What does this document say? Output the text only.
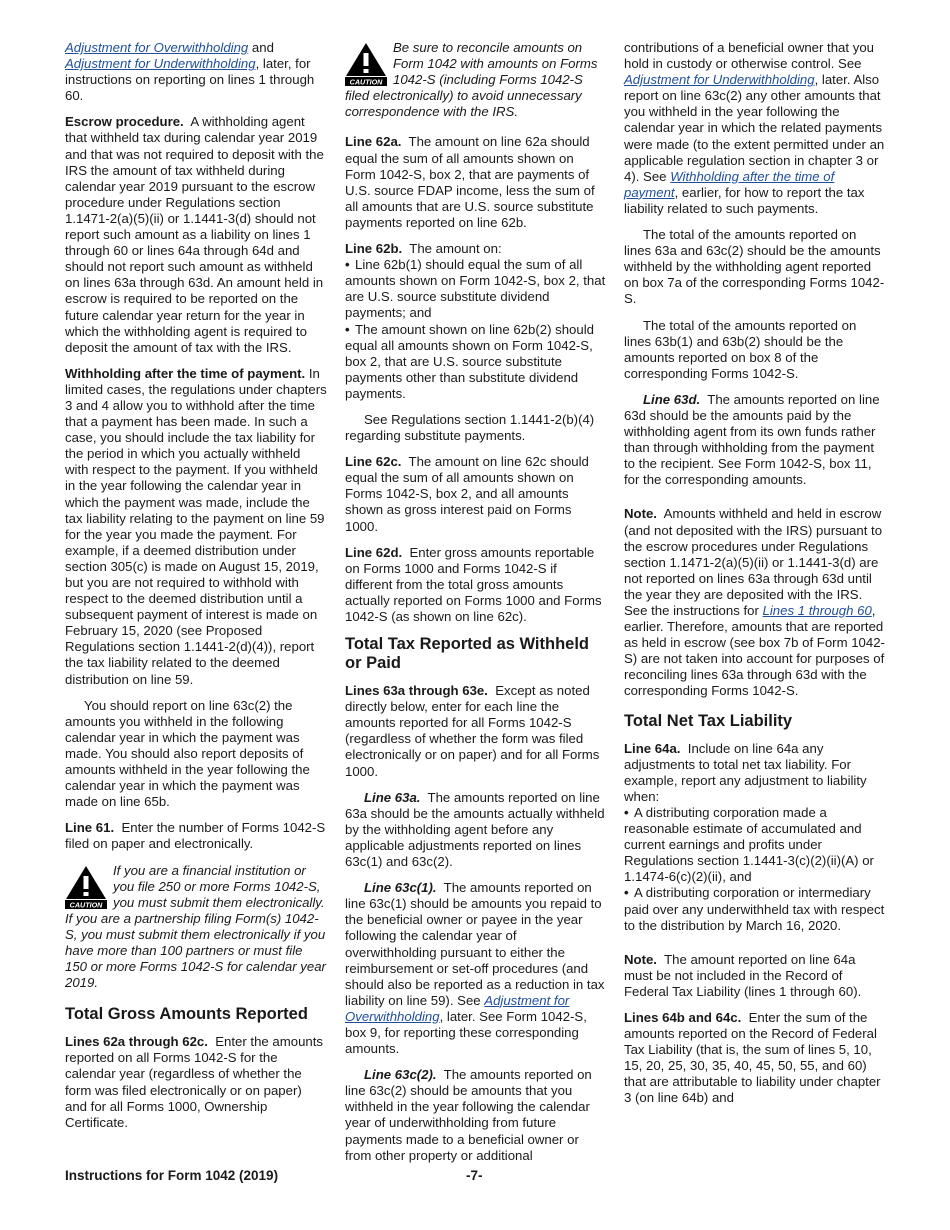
Adjustment for Overwithholding and Adjustment for Underwithholding, later, for instructions on reporting on lines 1 through 60.

Escrow procedure. A withholding agent that withheld tax during calendar year 2019 and that was not required to deposit with the IRS the amount of tax withheld during calendar year 2019 pursuant to the escrow procedure under Regulations section 1.1471-2(a)(5)(ii) or 1.1441-3(d) should not report such amount as a liability on lines 1 through 60 or lines 64a through 64d and should not report such amount as withheld on lines 63a through 63d. An amount held in escrow is required to be reported on the future calendar year return for the year in which the withholding agent is required to deposit the amount of tax with the IRS.

Withholding after the time of payment. In limited cases, the regulations under chapters 3 and 4 allow you to withhold after the time that a payment has been made. In such a case, you should include the tax liability for the period in which you actually withheld with respect to the payment. If you withheld in the year following the calendar year in which the payment was made, include the tax liability relating to the payment on line 59 for the year you made the payment. For example, if a deemed distribution under section 305(c) is made on August 15, 2019, but you are not required to withhold with respect to the deemed distribution until a subsequent payment of interest is made on February 15, 2020 (see Proposed Regulations section 1.1441-2(d)(4)), report the tax liability related to the deemed distribution on line 59.

You should report on line 63c(2) the amounts you withheld in the following calendar year in which the payment was made. You should also report deposits of amounts withheld in the year following the calendar year in which the payment was made on line 65b.

Line 61. Enter the number of Forms 1042-S filed on paper and electronically.

CAUTION
If you are a financial institution or you file 250 or more Forms 1042-S, you must submit them electronically. If you are a partnership filing Form(s) 1042-S, you must submit them electronically if you have more than 100 partners or must file 150 or more Forms 1042-S for calendar year 2019.
Total Gross Amounts Reported

Lines 62a through 62c. Enter the amounts reported on all Forms 1042-S for the calendar year (regardless of whether the form was filed electronically or on paper) and for all Forms 1000, Ownership Certificate.

CAUTION
Be sure to reconcile amounts on Form 1042 with amounts on Forms 1042-S (including Forms 1042-S filed electronically) to avoid unnecessary correspondence with the IRS.

Line 62a. The amount on line 62a should equal the sum of all amounts shown on Form 1042-S, box 2, that are payments of U.S. source FDAP income, less the sum of all amounts that are U.S. source substitute payments reported on line 62b.

Line 62b. The amount on:

• Line 62b(1) should equal the sum of all amounts shown on Form 1042-S, box 2, that are U.S. source substitute dividend payments; and

• The amount shown on line 62b(2) should equal all amounts shown on Form 1042-S, box 2, that are U.S. source substitute payments other than substitute dividend payments.

See Regulations section 1.1441-2(b)(4) regarding substitute payments.

Line 62c. The amount on line 62c should equal the sum of all amounts shown on Forms 1042-S, box 2, and all amounts shown as gross interest paid on Forms 1000.

Line 62d. Enter gross amounts reportable on Forms 1000 and Forms 1042-S if different from the total gross amounts actually reported on Forms 1000 and Forms 1042-S (as shown on line 62c).

Total Tax Reported as Withheld or Paid

Lines 63a through 63e. Except as noted directly below, enter for each line the amounts reported for all Forms 1042-S (regardless of whether the form was filed electronically or on paper) and for all Forms 1000.

Line 63a. The amounts reported on line 63a should be the amounts actually withheld by the withholding agent before any applicable adjustments reported on lines 63c(1) and 63c(2).

Line 63c(1). The amounts reported on line 63c(1) should be amounts you repaid to the beneficial owner or payee in the year following the calendar year of overwithholding pursuant to either the reimbursement or set-off procedures (and should also be reported as a reduction in tax liability on line 59). See Adjustment for Overwithholding, later. See Form 1042-S, box 9, for reporting these corresponding amounts.

Line 63c(2). The amounts reported on line 63c(2) should be amounts that you withheld in the year following the calendar year of underwithholding from future payments made to a beneficial owner or from other property or additional

contributions of a beneficial owner that you hold in custody or otherwise control. See Adjustment for Underwithholding, later. Also report on line 63c(2) any other amounts that you withheld in the year following the calendar year in which the related payments were made (to the extent permitted under an applicable regulation section in chapter 3 or 4). See Withholding after the time of payment, earlier, for how to report the tax liability related to such payments.

The total of the amounts reported on lines 63a and 63c(2) should be the amounts withheld by the withholding agent reported on box 7a of the corresponding Forms 1042-S.

The total of the amounts reported on lines 63b(1) and 63b(2) should be the amounts reported on box 8 of the corresponding Forms 1042-S.

Line 63d. The amounts reported on line 63d should be the amounts paid by the withholding agent from its own funds rather than through withholding from the payment to the recipient. See Form 1042-S, box 11, for the corresponding amounts.

Note. Amounts withheld and held in escrow (and not deposited with the IRS) pursuant to the escrow procedures under Regulations section 1.1471-2(a)(5)(ii) or 1.1441-3(d) are not reported on lines 63a through 63d until the year they are deposited with the IRS. See the instructions for Lines 1 through 60, earlier. Therefore, amounts that are reported as held in escrow (see box 7b of Form 1042-S) are not taken into account for purposes of reconciling lines 63a through 63d with the corresponding Forms 1042-S.

Total Net Tax Liability

Line 64a. Include on line 64a any adjustments to total net tax liability. For example, report any adjustment to liability when:

• A distributing corporation made a reasonable estimate of accumulated and current earnings and profits under Regulations section 1.1441-3(c)(2)(ii)(A) or 1.1474-6(c)(2)(ii), and

• A distributing corporation or intermediary paid over any underwithheld tax with respect to the distribution by March 16, 2020.

Note. The amount reported on line 64a must be not included in the Record of Federal Tax Liability (lines 1 through 60).

Lines 64b and 64c. Enter the sum of the amounts reported on the Record of Federal Tax Liability (that is, the sum of lines 5, 10, 15, 20, 25, 30, 35, 40, 45, 50, 55, and 60) that are attributable to liability under chapter 3 (on line 64b) and

Instructions for Form 1042 (2019)	-7-
